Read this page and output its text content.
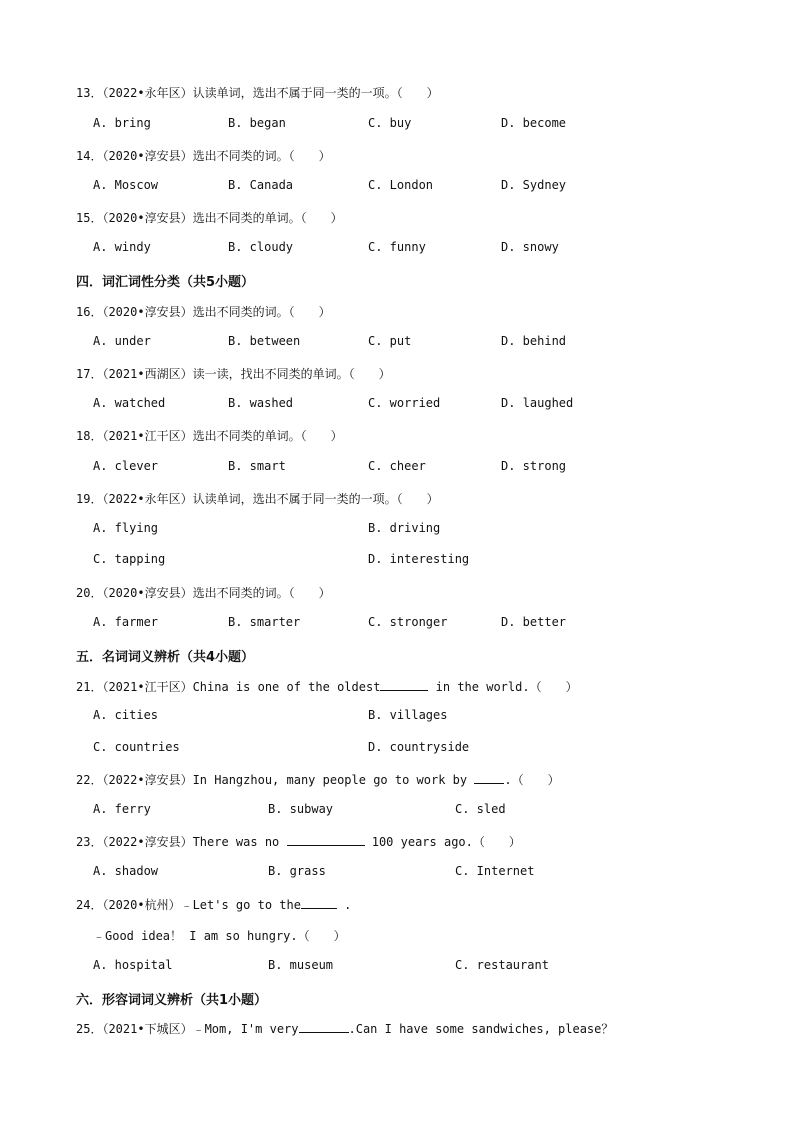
13．（2022•永年区）认读单词，选出不属于同一类的一项。（　　）
A. bring	B. began	C. buy	D. become
14．（2020•淳安县）选出不同类的词。（　　）
A. Moscow	B. Canada	C. London	D. Sydney
15．（2020•淳安县）选出不同类的单词。（　　）
A. windy	B. cloudy	C. funny	D. snowy
四．词汇词性分类（共5小题）
16．（2020•淳安县）选出不同类的词。（　　）
A. under	B. between	C. put	D. behind
17．（2021•西湖区）读一读，找出不同类的单词。（　　）
A. watched	B. washed	C. worried	D. laughed
18．（2021•江干区）选出不同类的单词。（　　）
A. clever	B. smart	C. cheer	D. strong
19．（2022•永年区）认读单词，选出不属于同一类的一项。（　　）
A. flying	B. driving
C. tapping	D. interesting
20．（2020•淳安县）选出不同类的词。（　　）
A. farmer	B. smarter	C. stronger	D. better
五．名词词义辨析（共4小题）
21．（2021•江干区）China is one of the oldest	in the world.（　　）
A. cities	B. villages
C. countries	D. countryside
22．（2022•淳安县）In Hangzhou, many people go to work by	.（　　）
A. ferry	B. subway	C. sled
23．（2022•淳安县）There was no	100 years ago.（　　）
A. shadow	B. grass	C. Internet
24．（2020•杭州）﹣Let's go to the	.
﹣Good idea！ I am so hungry.（　　）
A. hospital	B. museum	C. restaurant
六．形容词词义辨析（共1小题）
25．（2021•下城区）﹣Mom, I'm very	.Can I have some sandwiches, please？
